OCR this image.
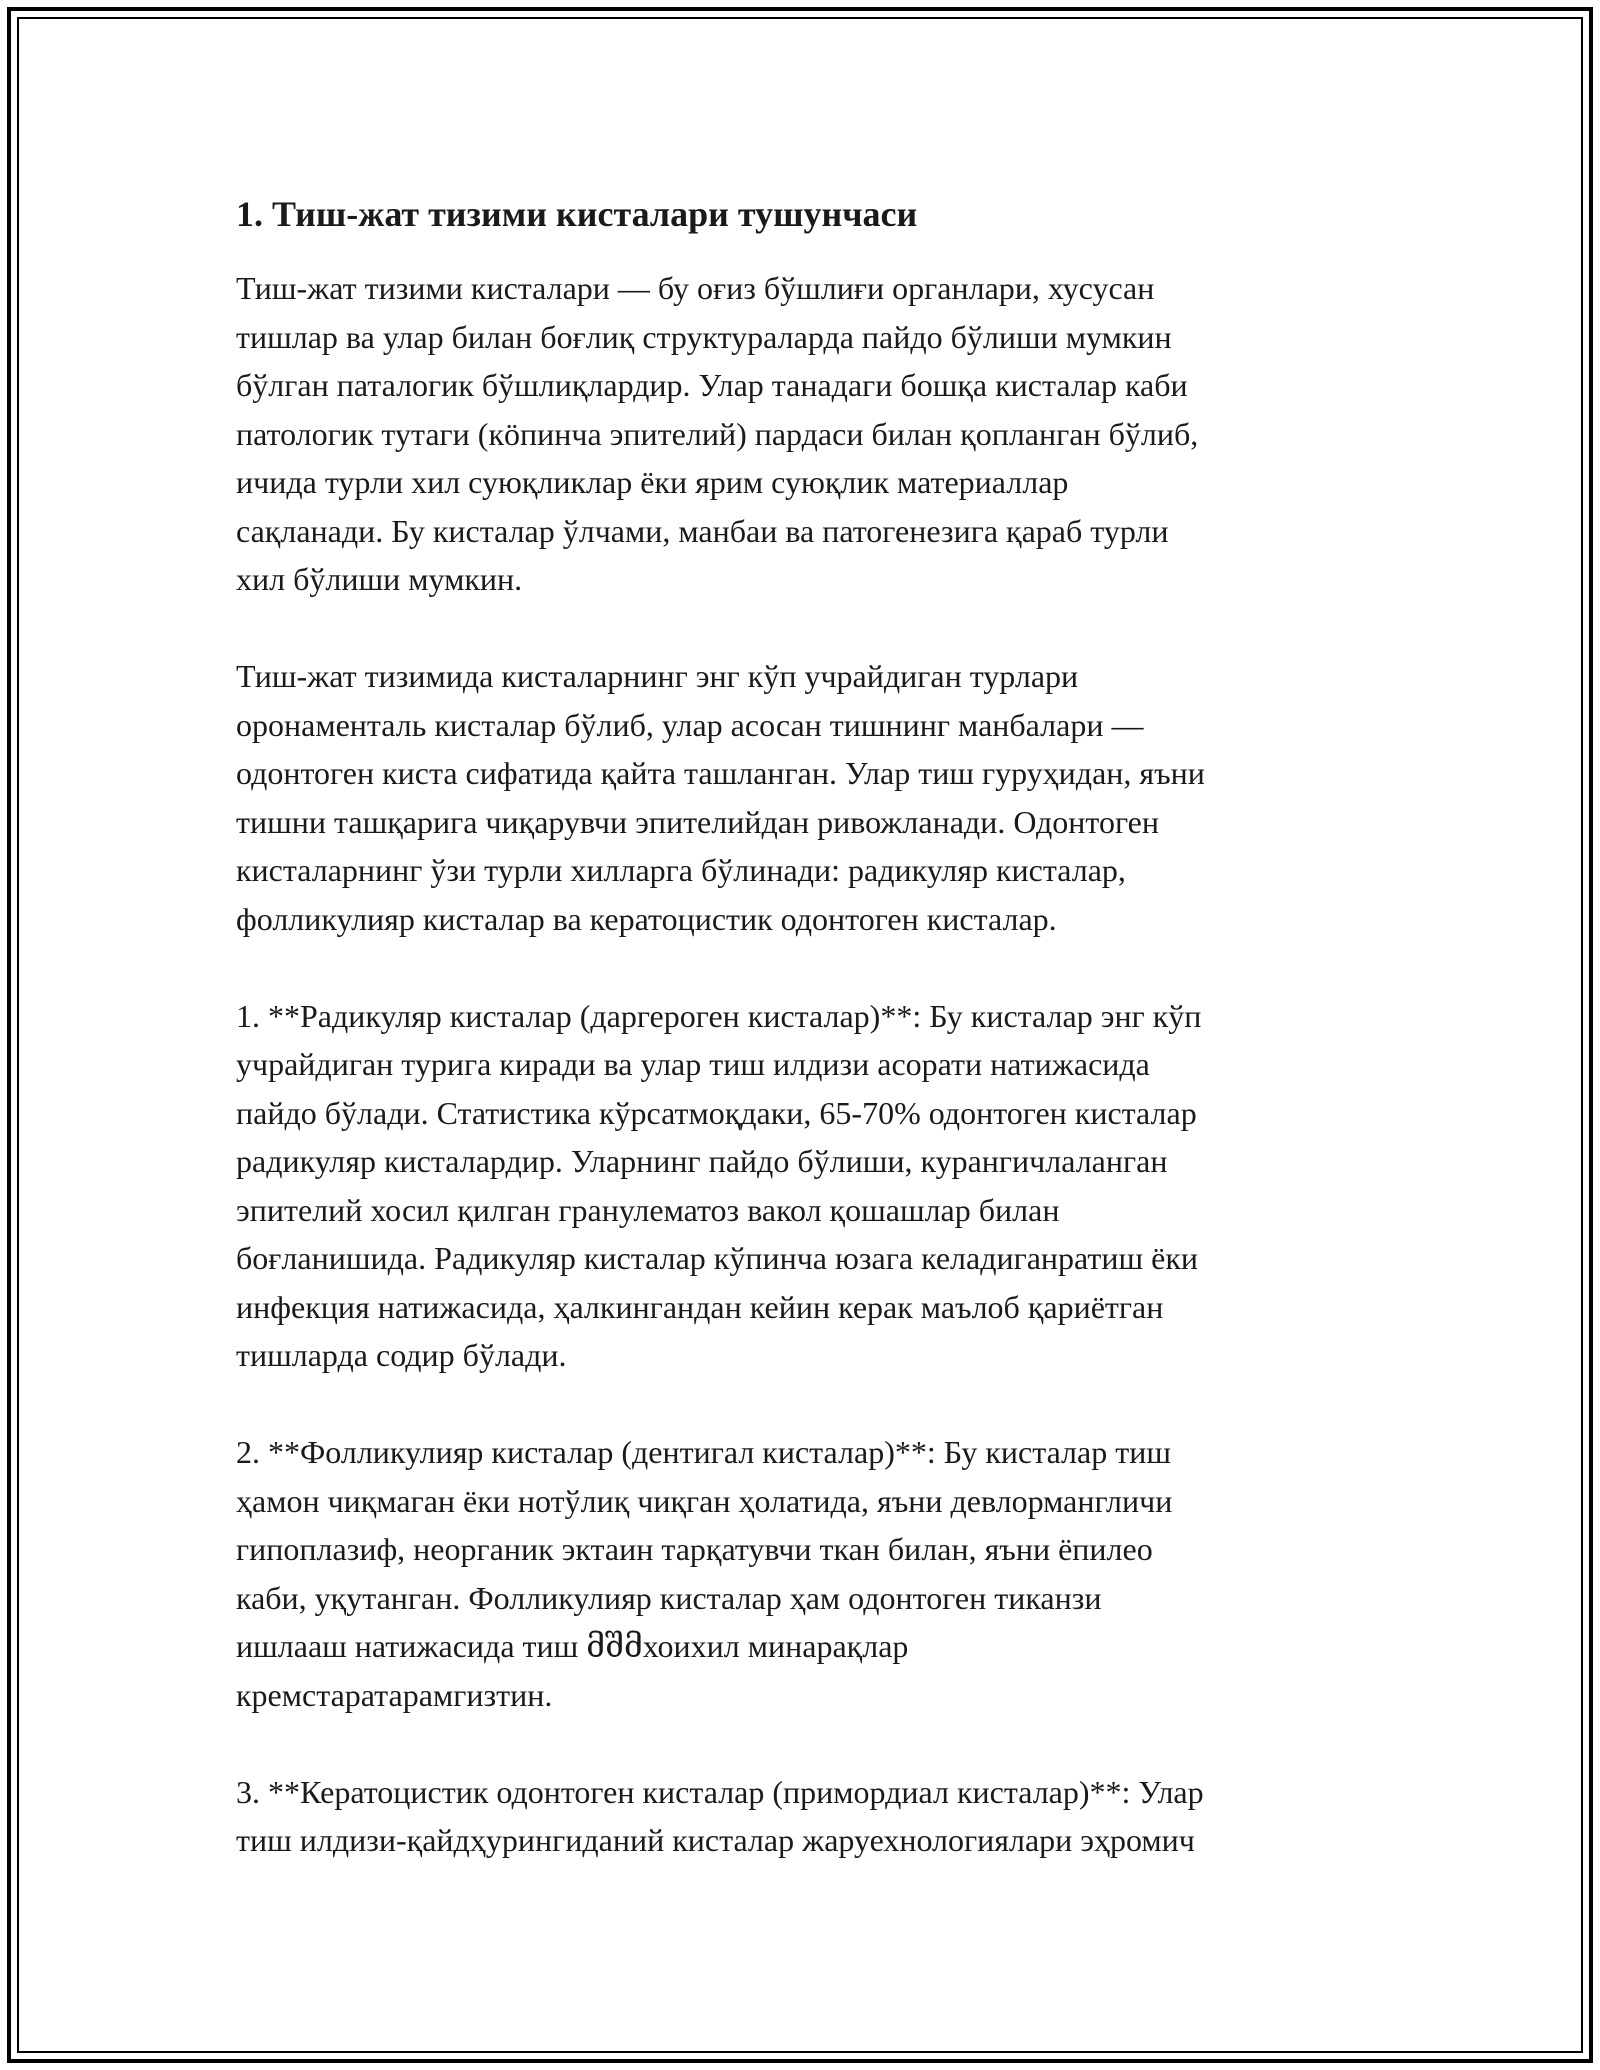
1. Тиш-жат тизими кисталари тушунчаси
Тиш-жат тизими кисталари — бу оғиз бўшлиғи органлари, хусусан
тишлар ва улар билан боғлиқ структураларда пайдо бўлиши мумкин
бўлган паталогик бўшлиқлардир. Улар танадаги бошқа кисталар каби
патологик тутаги (кöпинча эпителий) пардаси билан қопланган бўлиб,
ичида турли хил суюқликлар ёки ярим суюқлик материаллар
сақланади. Бу кисталар ўлчами, манбаи ва патогенезига қараб турли
хил бўлиши мумкин.
Тиш-жат тизимида кисталарнинг энг кўп учрайдиган турлари
оронаменталь кисталар бўлиб, улар асосан тишнинг манбалари —
одонтоген киста сифатида қайта ташланган. Улар тиш гуруҳидан, яъни
тишни ташқарига чиқарувчи эпителийдан ривожланади. Одонтоген
кисталарнинг ўзи турли хилларга бўлинади: радикуляр кисталар,
фолликулияр кисталар ва кератоцистик одонтоген кисталар.
1. **Радикуляр кисталар (даргероген кисталар)**: Бу кисталар энг кўп
учрайдиган турига киради ва улар тиш илдизи асорати натижасида
пайдо бўлади. Статистика кўрсатмоқдаки, 65-70% одонтоген кисталар
радикуляр кисталардир. Уларнинг пайдо бўлиши, курангичлаланган
эпителий хосил қилган гранулематоз вакол қошашлар билан
боғланишида. Радикуляр кисталар кўпинча юзага келадиганратиш ёки
инфекция натижасида, ҳалкингандан кейин керак маълоб қариётган
тишларда содир бўлади.
2. **Фолликулияр кисталар (дентигал кисталар)**: Бу кисталар тиш
ҳамон чиқмаган ёки нотўлиқ чиқган ҳолатида, яъни девлормангличи
гипоплазиф, неорганик эктаин тарқатувчи ткан билан, яъни ёпилео
каби, уқутанган. Фолликулияр кисталар ҳам одонтоген тиканзи
ишлааш натижасида тиш მშმхоихил минарақлар
кремстаратарамгизтин.
3. **Кератоцистик одонтоген кисталар (примордиал кисталар)**: Улар
тиш илдизи-қайдҳурингиданий кисталар жаруехнологиялари эҳромич
